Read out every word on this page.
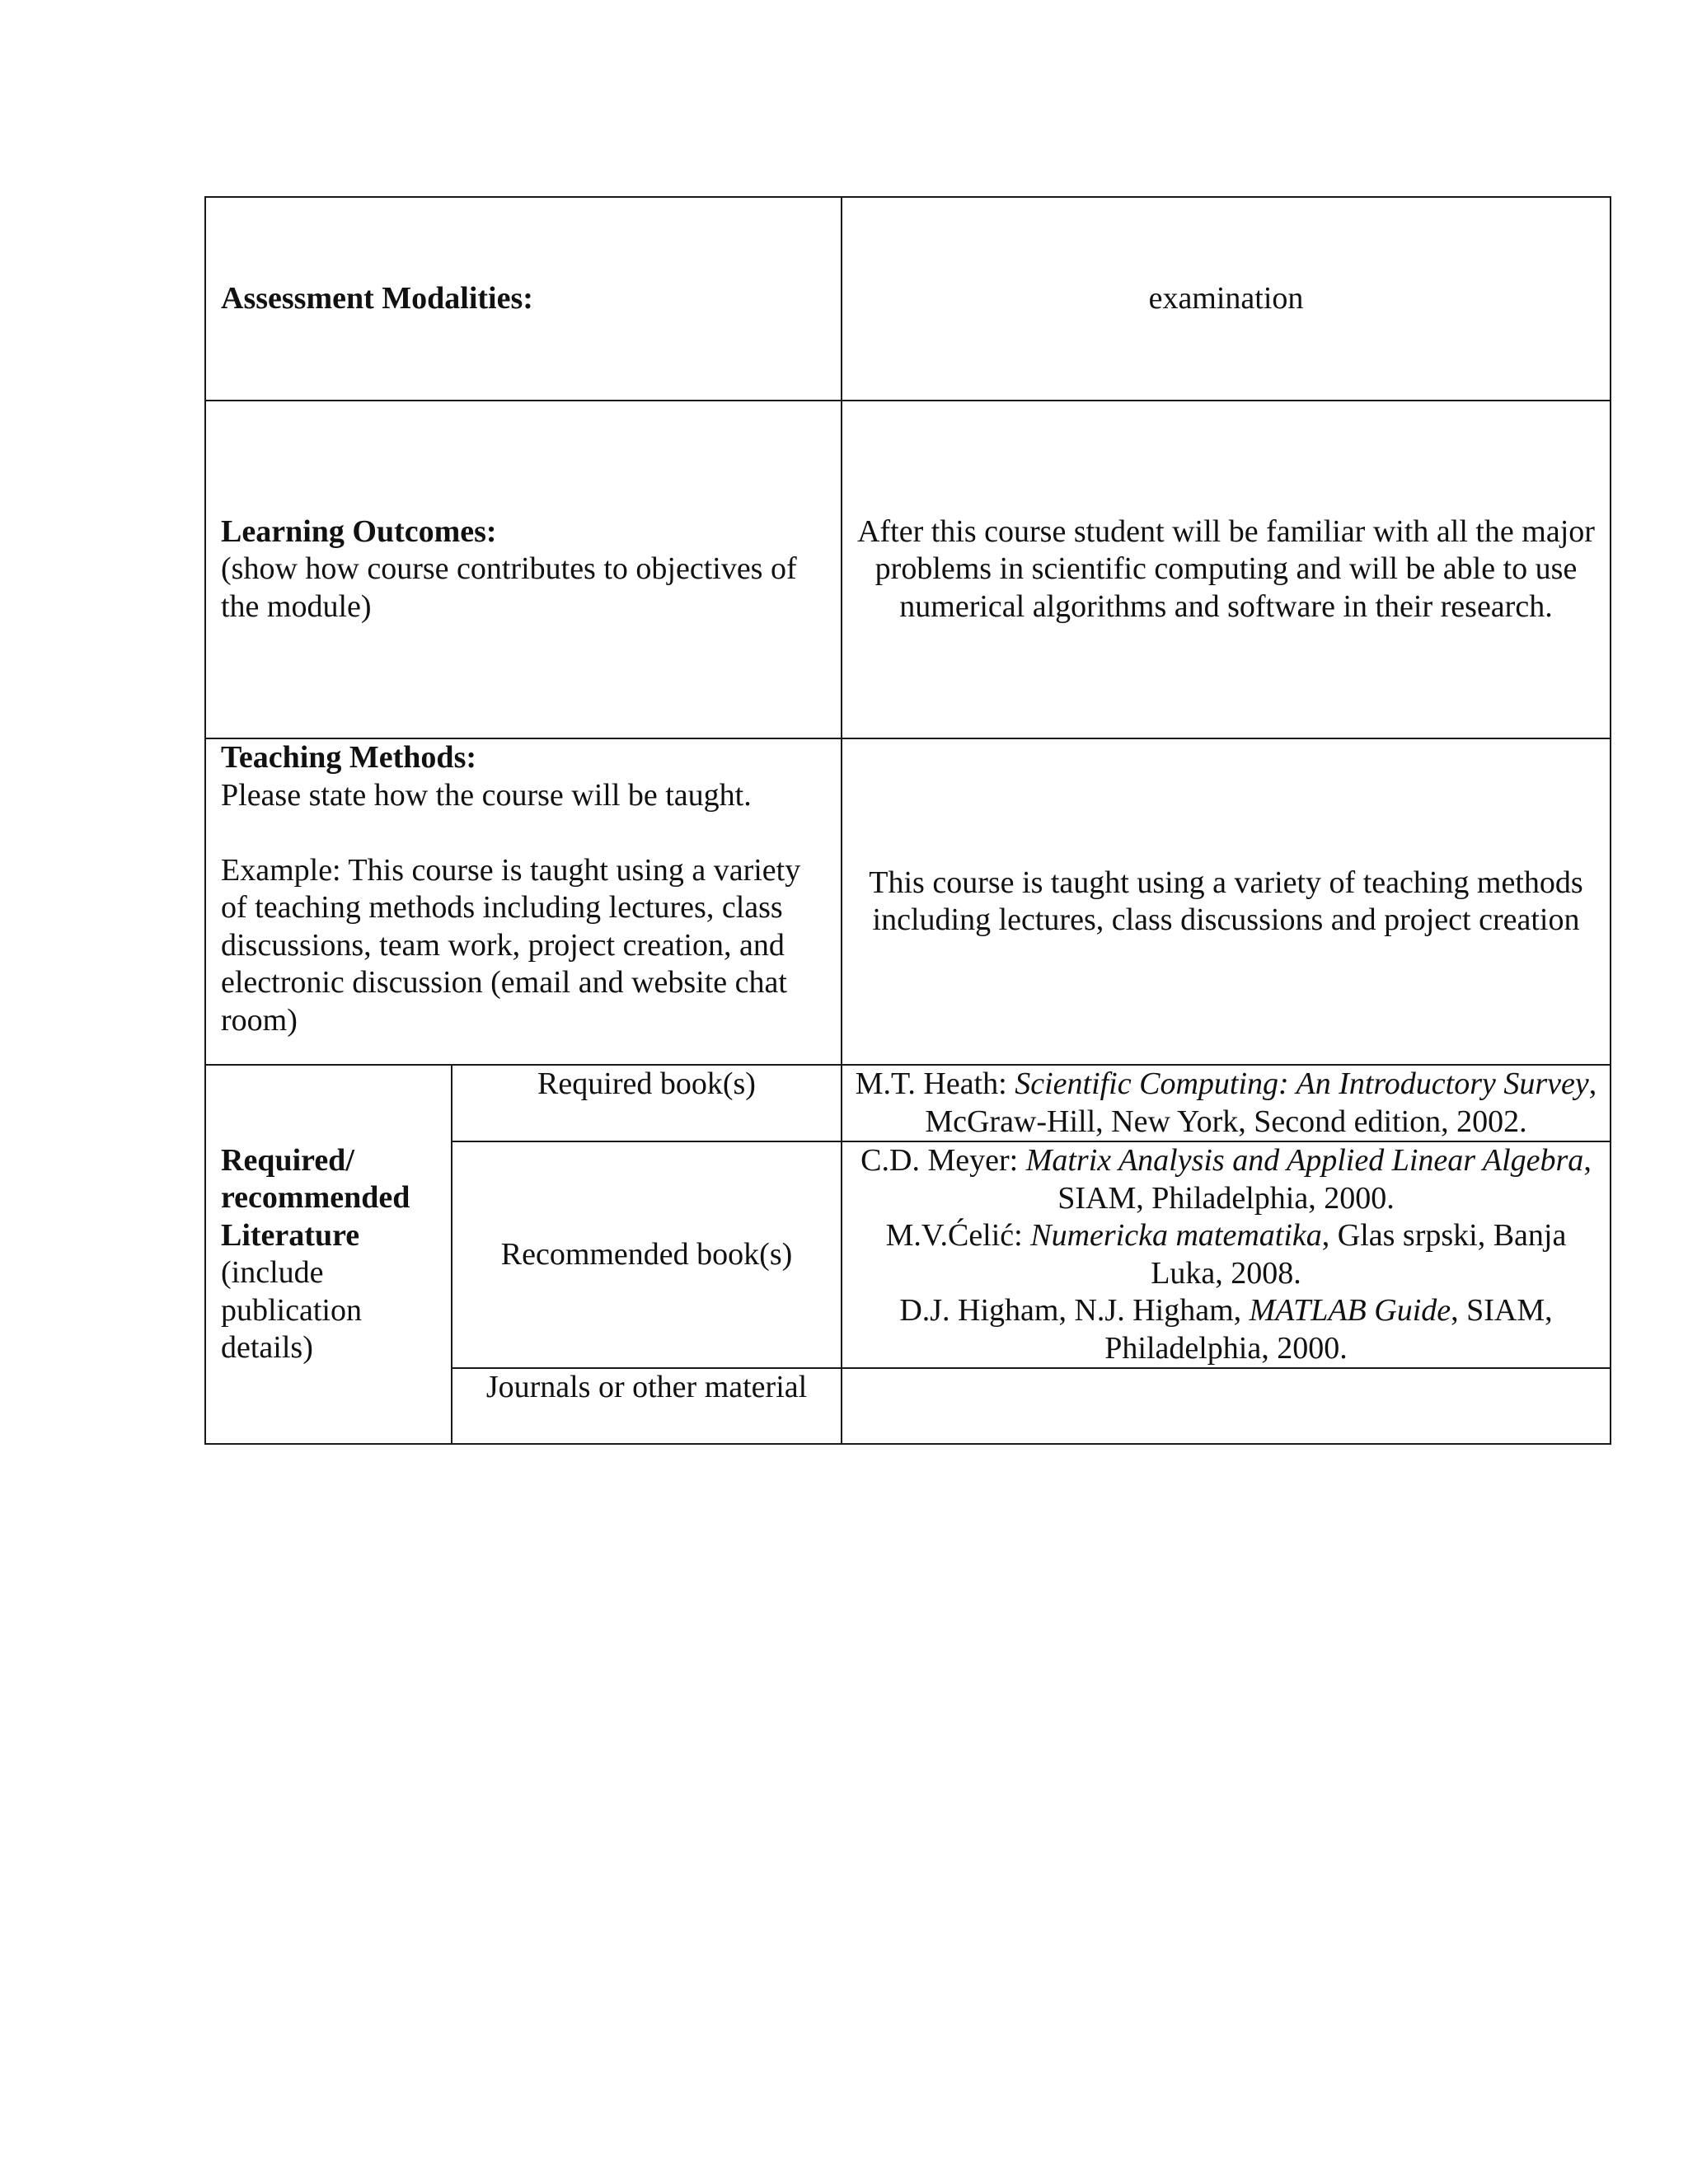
Assessment Modalities:		examination

Learning Outcomes:
(show how course contributes to objectives of the module)		After this course student will be familiar with all the major problems in scientific computing and will be able to use numerical algorithms and software in their research.

Teaching Methods:
Please state how the course will be taught.
Example: This course is taught using a variety of teaching methods including lectures, class discussions, team work, project creation, and electronic discussion (email and website chat room)		This course is taught using a variety of teaching methods including lectures, class discussions and project creation

Required/ recommended Literature
(include publication details)	Required book(s)	M.T. Heath: Scientific Computing: An Introductory Survey, McGraw-Hill, New York, Second edition, 2002.

	Recommended book(s)	C.D. Meyer: Matrix Analysis and Applied Linear Algebra, SIAM, Philadelphia, 2000.
M.V.Ćelić: Numericka matematika, Glas srpski, Banja Luka, 2008.
D.J. Higham, N.J. Higham, MATLAB Guide, SIAM, Philadelphia, 2000.

	Journals or other material	
